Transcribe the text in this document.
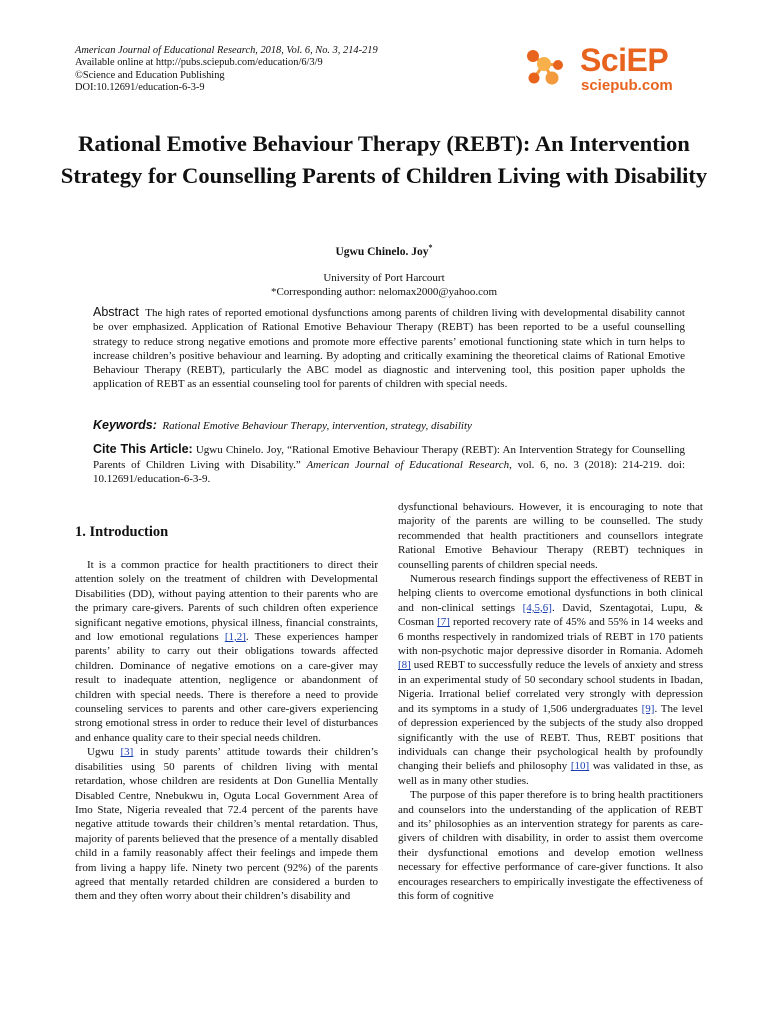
American Journal of Educational Research, 2018, Vol. 6, No. 3, 214-219
Available online at http://pubs.sciepub.com/education/6/3/9
©Science and Education Publishing
DOI:10.12691/education-6-3-9
SciEP
sciepub.com
Rational Emotive Behaviour Therapy (REBT): An Intervention Strategy for Counselling Parents of Children Living with Disability
Ugwu Chinelo. Joy*
University of Port Harcourt
*Corresponding author: nelomax2000@yahoo.com
Abstract The high rates of reported emotional dysfunctions among parents of children living with developmental disability cannot be over emphasized. Application of Rational Emotive Behaviour Therapy (REBT) has been reported to be a useful counselling strategy to reduce strong negative emotions and promote more effective parents’ emotional functioning state which in turn helps to increase children’s positive behaviour and learning. By adopting and critically examining the theoretical claims of Rational Emotive Behaviour Therapy (REBT), particularly the ABC model as diagnostic and intervening tool, this position paper upholds the application of REBT as an essential counseling tool for parents of children with special needs.
Keywords: Rational Emotive Behaviour Therapy, intervention, strategy, disability
Cite This Article: Ugwu Chinelo. Joy, “Rational Emotive Behaviour Therapy (REBT): An Intervention Strategy for Counselling Parents of Children Living with Disability.” American Journal of Educational Research, vol. 6, no. 3 (2018): 214-219. doi: 10.12691/education-6-3-9.
1. Introduction

It is a common practice for health practitioners to direct their attention solely on the treatment of children with Developmental Disabilities (DD), without paying attention to their parents who are the primary care-givers. Parents of such children often experience significant negative emotions, physical illness, financial constraints, and low emotional regulations [1,2]. These experiences hamper parents’ ability to carry out their obligations towards affected children. Dominance of negative emotions on a care-giver may result to inadequate attention, negligence or abandonment of children with special needs. There is therefore a need to provide counseling services to parents and other care-givers experiencing strong emotional stress in order to reduce their level of disturbances and enhance quality care to their special needs children.

Ugwu [3] in study parents’ attitude towards their children’s disabilities using 50 parents of children living with mental retardation, whose children are residents at Don Gunellia Mentally Disabled Centre, Nnebukwu in, Oguta Local Government Area of Imo State, Nigeria revealed that 72.4 percent of the parents have negative attitude towards their children’s mental retardation. Thus, majority of parents believed that the presence of a mentally disabled child in a family reasonably affect their feelings and impede them from living a happy life. Ninety two percent (92%) of the parents agreed that mentally retarded children are considered a burden to them and they often worry about their children’s disability and

dysfunctional behaviours. However, it is encouraging to note that majority of the parents are willing to be counselled. The study recommended that health practitioners and counsellors integrate Rational Emotive Behaviour Therapy (REBT) techniques in counselling parents of children special needs.

Numerous research findings support the effectiveness of REBT in helping clients to overcome emotional dysfunctions in both clinical and non-clinical settings [4,5,6]. David, Szentagotai, Lupu, & Cosman [7] reported recovery rate of 45% and 55% in 14 weeks and 6 months respectively in randomized trials of REBT in 170 patients with non-psychotic major depressive disorder in Romania. Adomeh [8] used REBT to successfully reduce the levels of anxiety and stress in an experimental study of 50 secondary school students in Ibadan, Nigeria. Irrational belief correlated very strongly with depression and its symptoms in a study of 1,506 undergraduates [9]. The level of depression experienced by the subjects of the study also dropped significantly with the use of REBT. Thus, REBT positions that individuals can change their psychological health by profoundly changing their beliefs and philosophy [10] was validated in thse, as well as in many other studies.

The purpose of this paper therefore is to bring health practitioners and counselors into the understanding of the application of REBT and its’ philosophies as an intervention strategy for parents as care-givers of children with disability, in order to assist them overcome their dysfunctional emotions and develop emotion wellness necessary for effective performance of care-giver functions. It also encourages researchers to empirically investigate the effectiveness of this form of cognitive
